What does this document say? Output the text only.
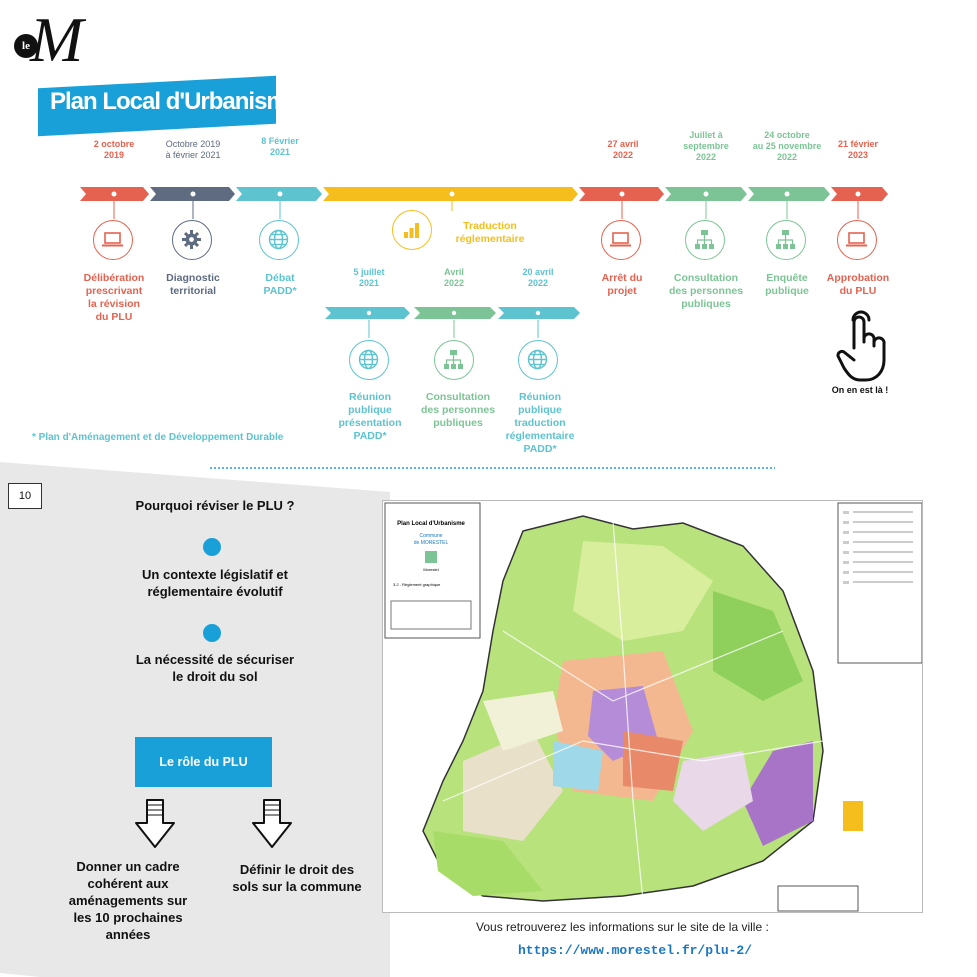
le M
Plan Local d'Urbanisme
2 octobre
2019
Octobre 2019
à février 2021
8 Février
2021
27 avril
2022
Juillet à
septembre
2022
24 octobre
au 25 novembre
2022
21 février
2023
Traduction
réglementaire
Délibération
prescrivant
la révision
du PLU
Diagnostic
territorial
Débat
PADD*
Arrêt du
projet
Consultation
des personnes
publiques
Enquête
publique
Approbation
du PLU
5 juillet
2021
Avril
2022
20 avril
2022
Réunion
publique
présentation
PADD*
Consultation
des personnes
publiques
Réunion
publique
traduction
réglementaire
PADD*
On en est là !
* Plan d'Aménagement et de Développement Durable
10
Pourquoi réviser le PLU ?
Un contexte législatif et
réglementaire évolutif
La nécessité de sécuriser
le droit du sol
Le rôle du PLU
Donner un cadre
cohérent aux
aménagements sur
les 10 prochaines
années
Définir le droit des
sols sur la commune
Plan Local d'Urbanisme
Commune
de MORESTEL
Morestel
3.2 - Règlement graphique
Vous retrouverez les informations sur le site de la ville :
https://www.morestel.fr/plu-2/
